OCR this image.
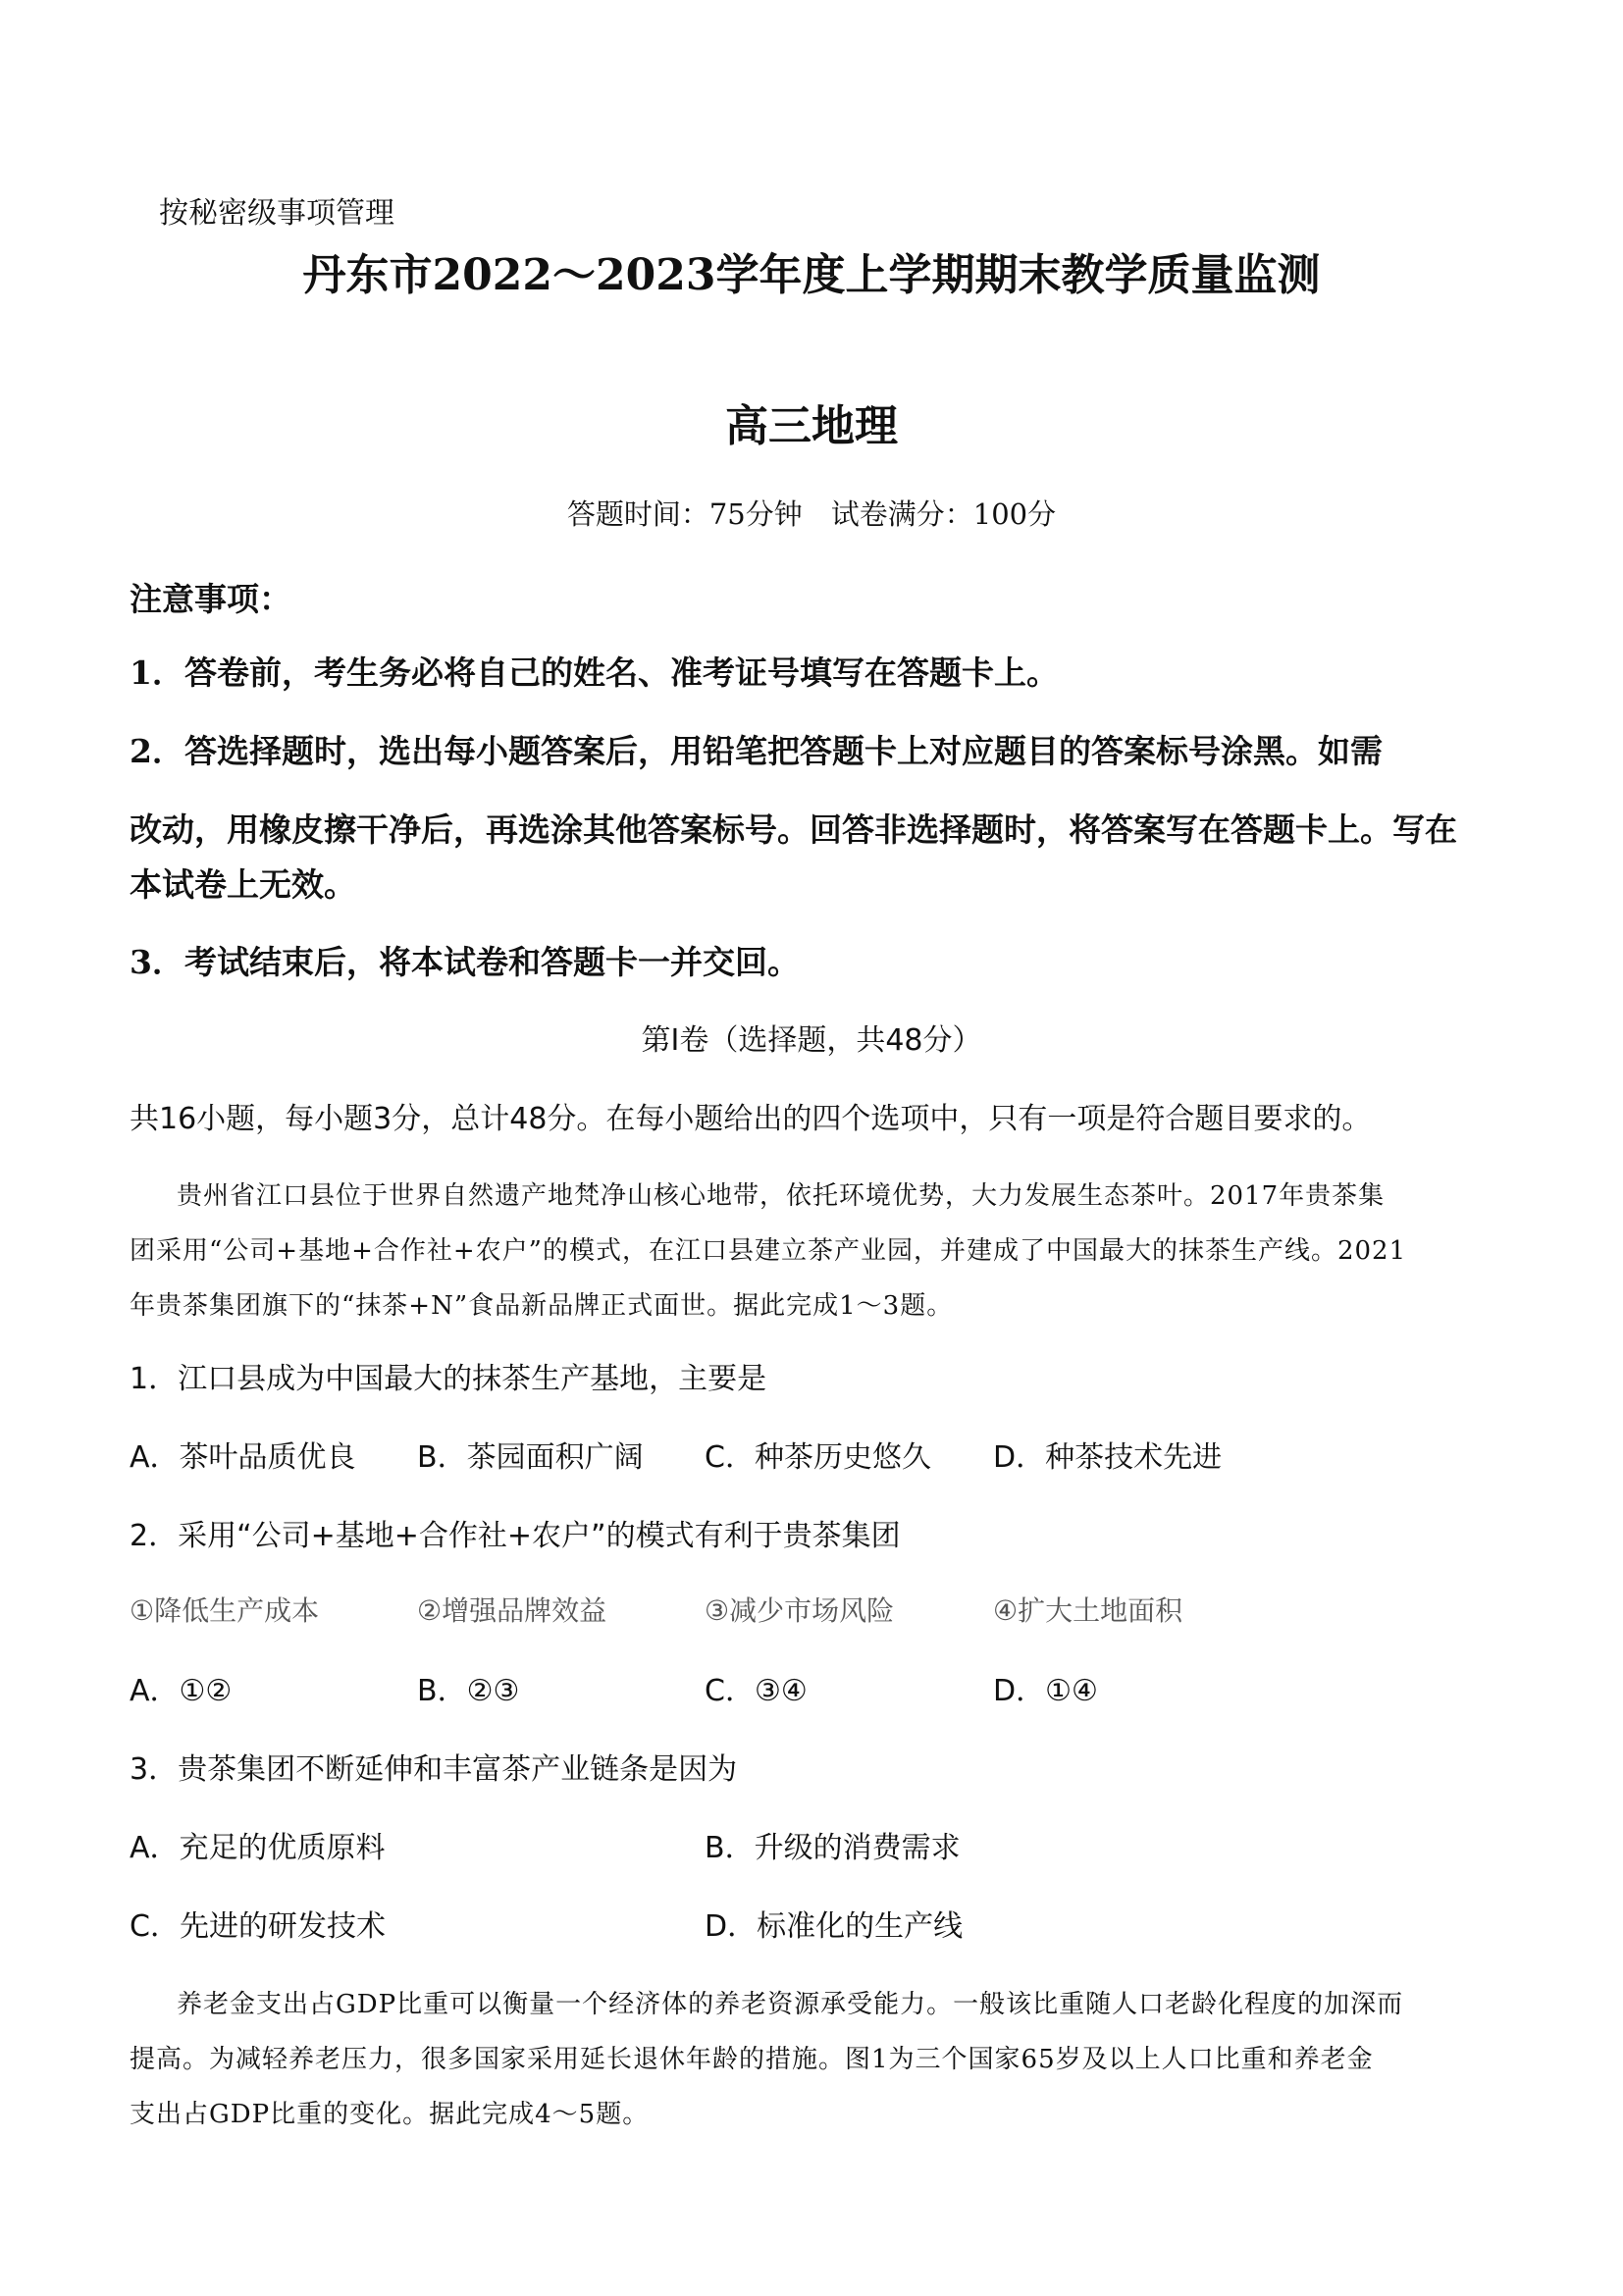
按秘密级事项管理
丹东市2022～2023学年度上学期期末教学质量监测
高三地理
答题时间：75分钟　试卷满分：100分
注意事项：
1．答卷前，考生务必将自己的姓名、准考证号填写在答题卡上。
2．答选择题时，选出每小题答案后，用铅笔把答题卡上对应题目的答案标号涂黑。如需
改动，用橡皮擦干净后，再选涂其他答案标号。回答非选择题时，将答案写在答题卡上。写在
本试卷上无效。
3．考试结束后，将本试卷和答题卡一并交回。
第Ⅰ卷（选择题，共48分）
共16小题，每小题3分，总计48分。在每小题给出的四个选项中，只有一项是符合题目要求的。
贵州省江口县位于世界自然遗产地梵净山核心地带，依托环境优势，大力发展生态茶叶。2017年贵茶集
团采用“公司+基地+合作社+农户”的模式，在江口县建立茶产业园，并建成了中国最大的抹茶生产线。2021
年贵茶集团旗下的“抹茶+N”食品新品牌正式面世。据此完成1～3题。
1．江口县成为中国最大的抹茶生产基地，主要是
A．茶叶品质优良 B．茶园面积广阔 C．种茶历史悠久 D．种茶技术先进
2．采用“公司+基地+合作社+农户”的模式有利于贵茶集团
①降低生产成本	②增强品牌效益	③减少市场风险	④扩大土地面积
A．①②	B．②③	C．③④	D．①④
3．贵茶集团不断延伸和丰富茶产业链条是因为
A．充足的优质原料	B．升级的消费需求
C．先进的研发技术	D．标准化的生产线
养老金支出占GDP比重可以衡量一个经济体的养老资源承受能力。一般该比重随人口老龄化程度的加深而
提高。为减轻养老压力，很多国家采用延长退休年龄的措施。图1为三个国家65岁及以上人口比重和养老金
支出占GDP比重的变化。据此完成4～5题。
